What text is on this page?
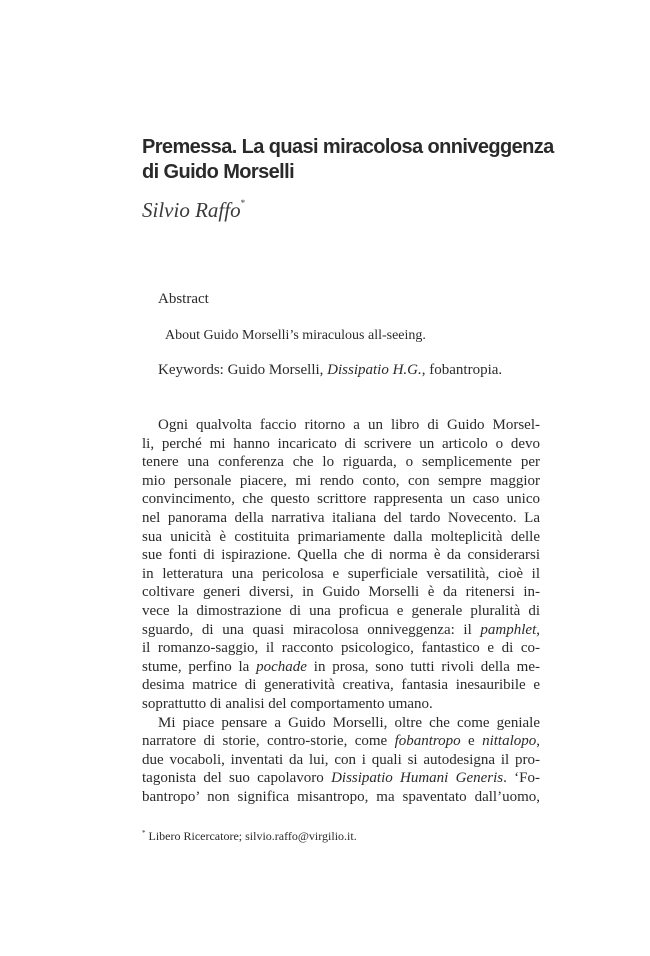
Premessa. La quasi miracolosa onniveggenza
di Guido Morselli
Silvio Raffo*
Abstract
About Guido Morselli’s miraculous all-seeing.
Keywords: Guido Morselli, Dissipatio H.G., fobantropia.
Ogni qualvolta faccio ritorno a un libro di Guido Morsel-
li, perché mi hanno incaricato di scrivere un articolo o devo
tenere una conferenza che lo riguarda, o semplicemente per
mio personale piacere, mi rendo conto, con sempre maggior
convincimento, che questo scrittore rappresenta un caso unico
nel panorama della narrativa italiana del tardo Novecento. La
sua unicità è costituita primariamente dalla molteplicità delle
sue fonti di ispirazione. Quella che di norma è da considerarsi
in letteratura una pericolosa e superficiale versatilità, cioè il
coltivare generi diversi, in Guido Morselli è da ritenersi in-
vece la dimostrazione di una proficua e generale pluralità di
sguardo, di una quasi miracolosa onniveggenza: il pamphlet,
il romanzo-saggio, il racconto psicologico, fantastico e di co-
stume, perfino la pochade in prosa, sono tutti rivoli della me-
desima matrice di generatività creativa, fantasia inesauribile e
soprattutto di analisi del comportamento umano.
Mi piace pensare a Guido Morselli, oltre che come geniale
narratore di storie, contro-storie, come fobantropo e nittalopo,
due vocaboli, inventati da lui, con i quali si autodesigna il pro-
tagonista del suo capolavoro Dissipatio Humani Generis. ‘Fo-
bantropo’ non significa misantropo, ma spaventato dall’uomo,
* Libero Ricercatore; silvio.raffo@virgilio.it.
